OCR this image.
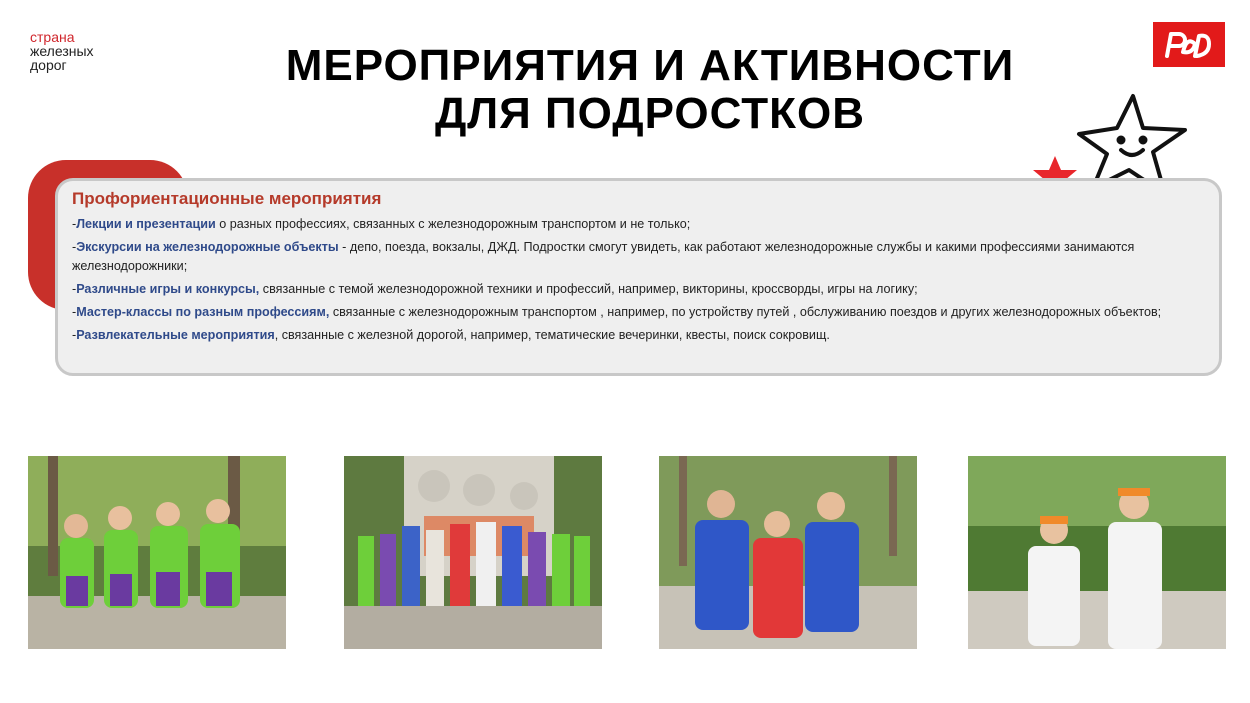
страна
железных
дорог	МЕРОПРИЯТИЯ И АКТИВНОСТИ
ДЛЯ ПОДРОСТКОВ
Профориентационные мероприятия
-Лекции и презентации о разных профессиях, связанных с железнодорожным транспортом и не только;
-Экскурсии на железнодорожные объекты - депо, поезда, вокзалы, ДЖД. Подростки смогут увидеть, как работают железнодорожные службы и какими профессиями занимаются железнодорожники;
-Различные игры и конкурсы, связанные с темой железнодорожной техники и профессий, например, викторины, кроссворды, игры на логику;
-Мастер-классы по разным профессиям, связанные с железнодорожным транспортом , например, по устройству путей , обслуживанию поездов и других железнодорожных объектов;
-Развлекательные мероприятия, связанные с железной дорогой, например, тематические вечеринки, квесты, поиск сокровищ.
